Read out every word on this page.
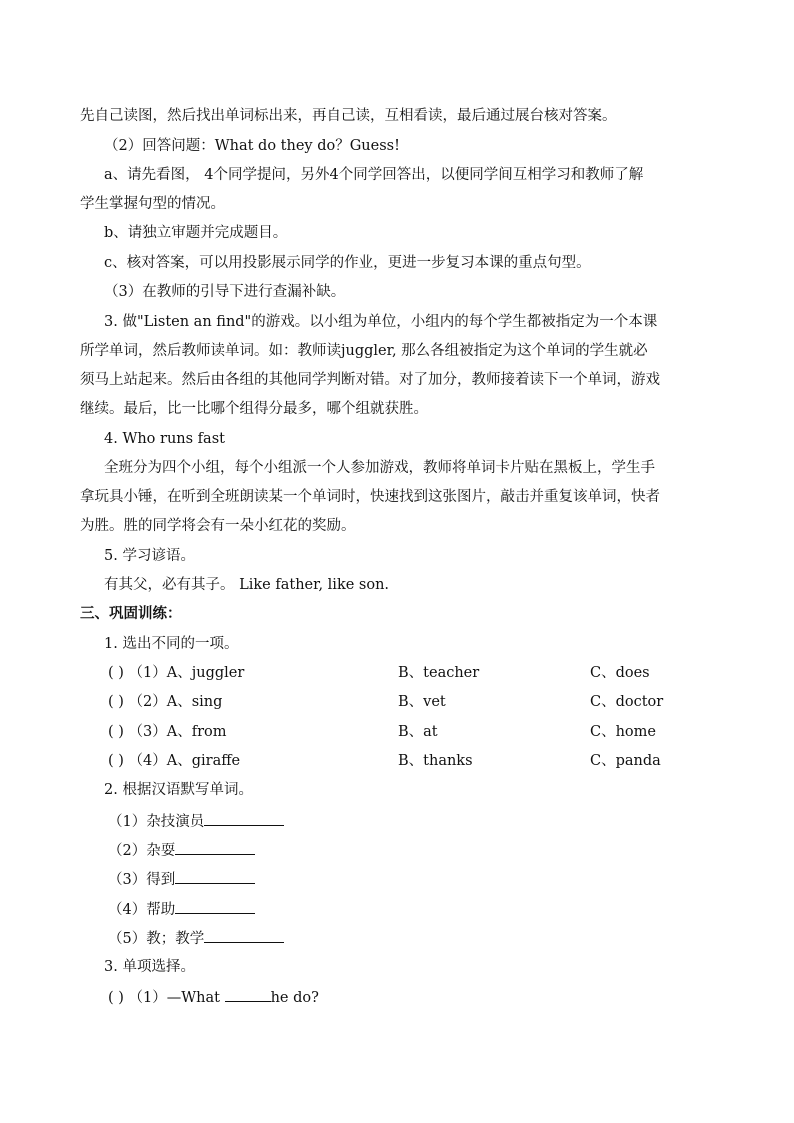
先自己读图，然后找出单词标出来，再自己读，互相看读，最后通过展台核对答案。
（2）回答问题：What do they do？Guess!
a、请先看图， 4个同学提问，另外4个同学回答出，以便同学间互相学习和教师了解
学生掌握句型的情况。
b、请独立审题并完成题目。
c、核对答案，可以用投影展示同学的作业，更进一步复习本课的重点句型。
（3）在教师的引导下进行查漏补缺。
3. 做"Listen an find"的游戏。以小组为单位，小组内的每个学生都被指定为一个本课
所学单词，然后教师读单词。如：教师读juggler, 那么各组被指定为这个单词的学生就必
须马上站起来。然后由各组的其他同学判断对错。对了加分，教师接着读下一个单词，游戏
继续。最后，比一比哪个组得分最多，哪个组就获胜。
4. Who runs fast
全班分为四个小组，每个小组派一个人参加游戏，教师将单词卡片贴在黑板上，学生手
拿玩具小锤，在听到全班朗读某一个单词时，快速找到这张图片，敲击并重复该单词，快者
为胜。胜的同学将会有一朵小红花的奖励。
5. 学习谚语。
有其父，必有其子。 Like father, like son.
三、巩固训练：
1. 选出不同的一项。
( ) （1）A、juggler	B、teacher	C、does
( ) （2）A、sing	B、vet	C、doctor
( ) （3）A、from	B、at	C、home
( ) （4）A、giraffe	B、thanks	C、panda
2. 根据汉语默写单词。
（1）杂技演员
（2）杂耍
（3）得到
（4）帮助
（5）教；教学
3. 单项选择。
( ) （1）—What	he do?
